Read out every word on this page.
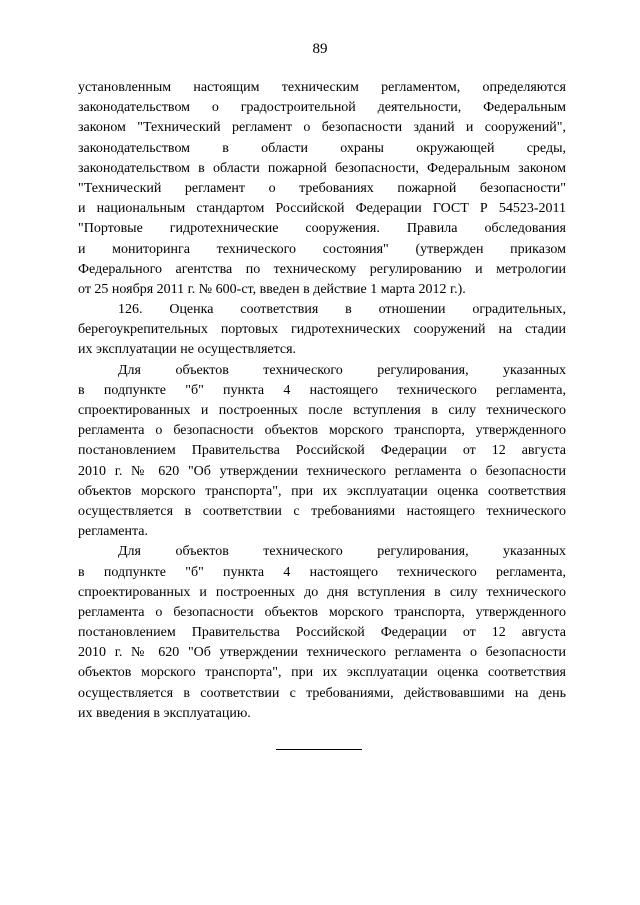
89
установленным настоящим техническим регламентом, определяются
законодательством о градостроительной деятельности, Федеральным
законом "Технический регламент о безопасности зданий и сооружений",
законодательством в области охраны окружающей среды,
законодательством в области пожарной безопасности, Федеральным законом
"Технический регламент о требованиях пожарной безопасности"
и национальным стандартом Российской Федерации ГОСТ Р 54523-2011
"Портовые гидротехнические сооружения. Правила обследования
и мониторинга технического состояния" (утвержден приказом
Федерального агентства по техническому регулированию и метрологии
от 25 ноября 2011 г. № 600-ст, введен в действие 1 марта 2012 г.).
126. Оценка соответствия в отношении оградительных,
берегоукрепительных портовых гидротехнических сооружений на стадии
их эксплуатации не осуществляется.
Для объектов технического регулирования, указанных
в подпункте "б" пункта 4 настоящего технического регламента,
спроектированных и построенных после вступления в силу технического
регламента о безопасности объектов морского транспорта, утвержденного
постановлением Правительства Российской Федерации от 12 августа
2010 г. № 620 "Об утверждении технического регламента о безопасности
объектов морского транспорта", при их эксплуатации оценка соответствия
осуществляется в соответствии с требованиями настоящего технического
регламента.
Для объектов технического регулирования, указанных
в подпункте "б" пункта 4 настоящего технического регламента,
спроектированных и построенных до дня вступления в силу технического
регламента о безопасности объектов морского транспорта, утвержденного
постановлением Правительства Российской Федерации от 12 августа
2010 г. № 620 "Об утверждении технического регламента о безопасности
объектов морского транспорта", при их эксплуатации оценка соответствия
осуществляется в соответствии с требованиями, действовавшими на день
их введения в эксплуатацию.
